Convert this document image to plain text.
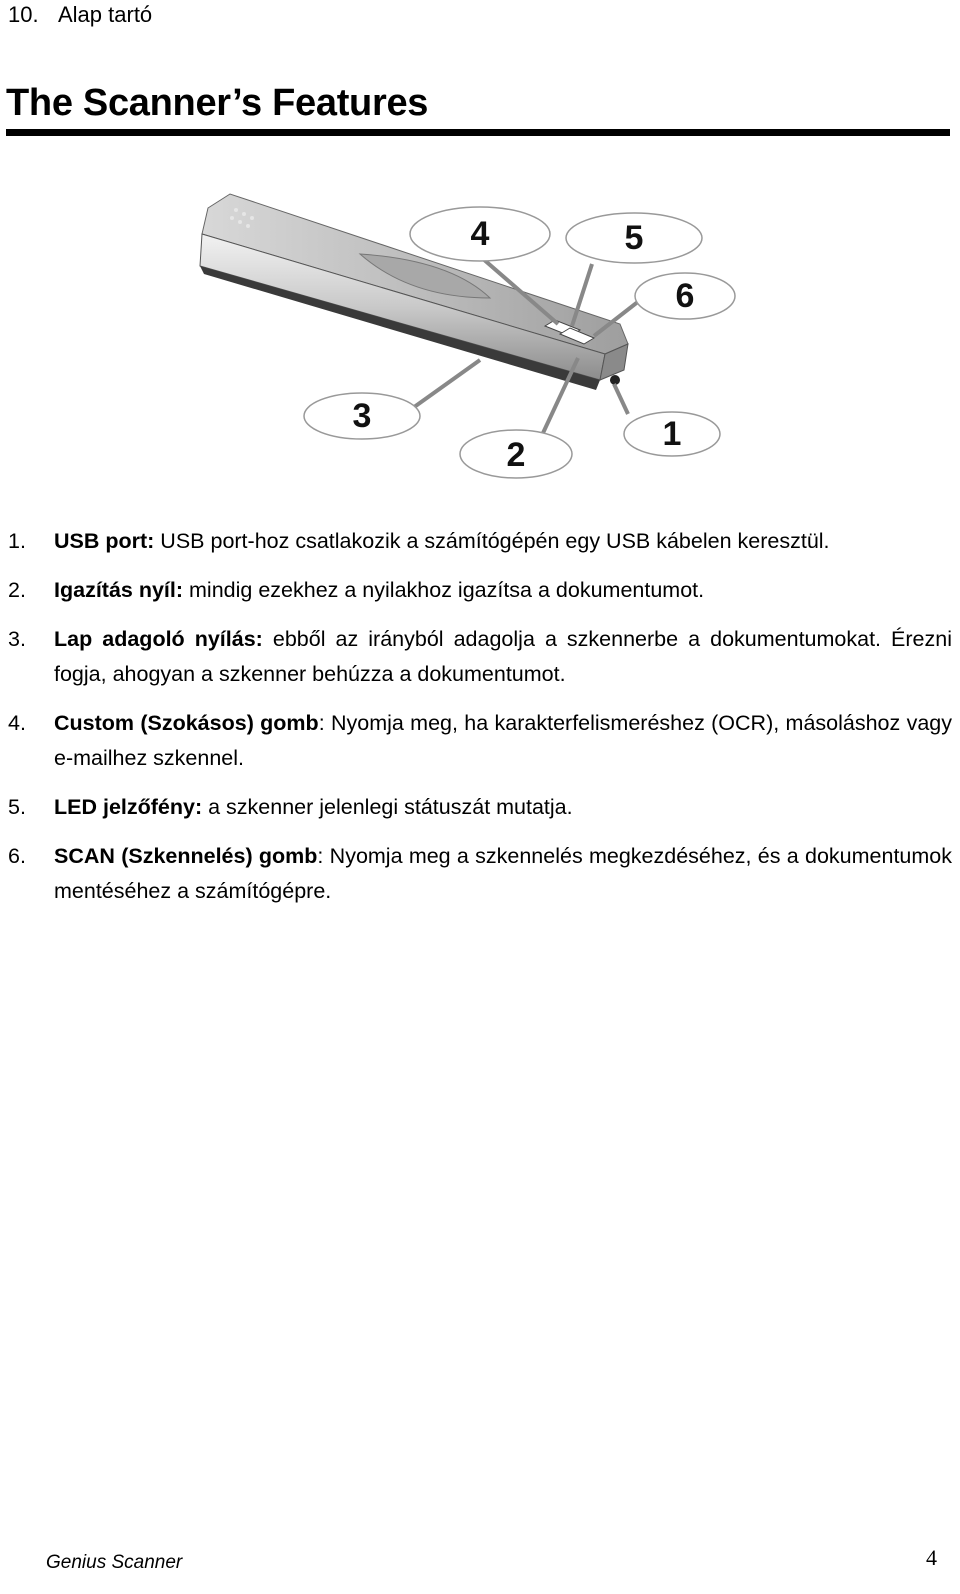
10. Alap tartó
The Scanner’s Features
4	5
6
3
2
1
1. USB port: USB port-hoz csatlakozik a számítógépén egy USB kábelen keresztül.
2. Igazítás nyíl: mindig ezekhez a nyilakhoz igazítsa a dokumentumot.
3. Lap adagoló nyílás: ebből az irányból adagolja a szkennerbe a dokumentumokat. Érezni fogja, ahogyan a szkenner behúzza a dokumentumot.
4. Custom (Szokásos) gomb: Nyomja meg, ha karakterfelismeréshez (OCR), másoláshoz vagy e-mailhez szkennel.
5. LED jelzőfény: a szkenner jelenlegi státuszát mutatja.
6. SCAN (Szkennelés) gomb: Nyomja meg a szkennelés megkezdéséhez, és a dokumentumok mentéséhez a számítógépre.
Genius Scanner	4
